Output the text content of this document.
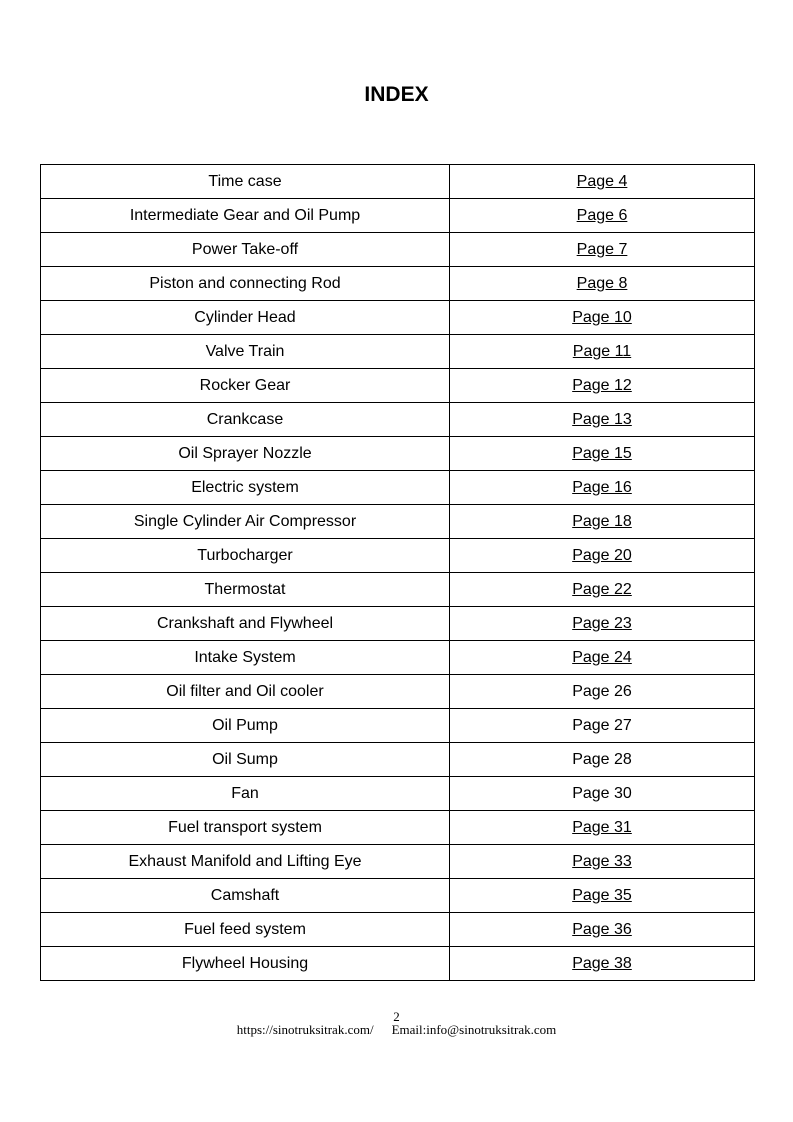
INDEX
Time case	Page 4
Intermediate Gear and Oil Pump	Page 6
Power Take-off	Page 7
Piston and connecting Rod	Page 8
Cylinder Head	Page 10
Valve Train	Page 11
Rocker Gear	Page 12
Crankcase	Page 13
Oil Sprayer Nozzle	Page 15
Electric system	Page 16
Single Cylinder Air Compressor	Page 18
Turbocharger	Page 20
Thermostat	Page 22
Crankshaft and Flywheel	Page 23
Intake System	Page 24
Oil filter and Oil cooler	Page 26
Oil Pump	Page 27
Oil Sump	Page 28
Fan	Page 30
Fuel transport system	Page 31
Exhaust Manifold and Lifting Eye	Page 33
Camshaft	Page 35
Fuel feed system	Page 36
Flywheel Housing	Page 38
2
https://sinotruksitrak.com/ Email:info@sinotruksitrak.com
